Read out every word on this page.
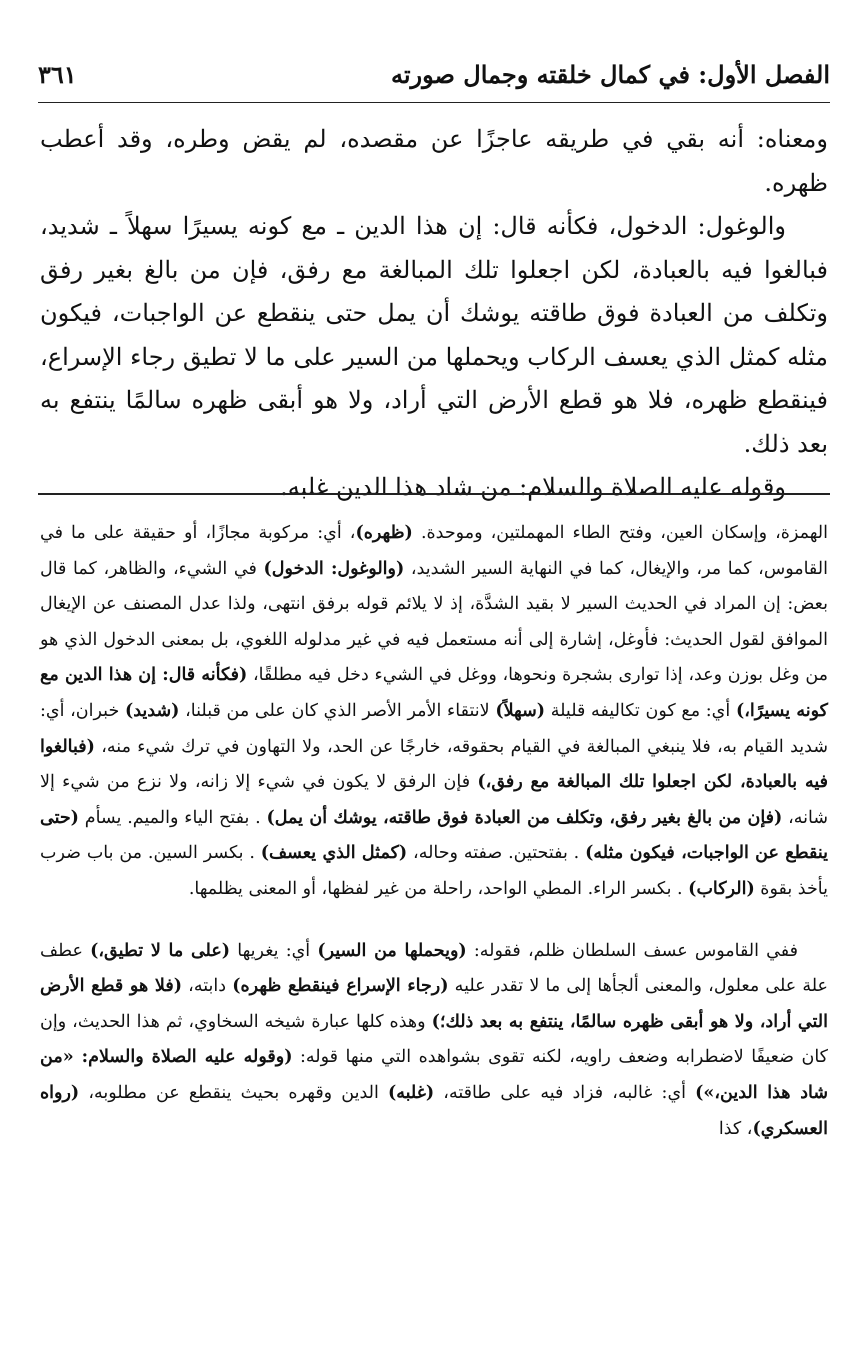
الفصل الأول: في كمال خلقته وجمال صورته
٣٦١

ومعناه: أنه بقي في طريقه عاجزًا عن مقصده، لم يقض وطره، وقد أعطب ظهره.

والوغول: الدخول، فكأنه قال: إن هذا الدين ـ مع كونه يسيرًا سهلاً ـ شديد، فبالغوا فيه بالعبادة، لكن اجعلوا تلك المبالغة مع رفق، فإن من بالغ بغير رفق وتكلف من العبادة فوق طاقته يوشك أن يمل حتى ينقطع عن الواجبات، فيكون مثله كمثل الذي يعسف الركاب ويحملها من السير على ما لا تطيق رجاء الإسراع، فينقطع ظهره، فلا هو قطع الأرض التي أراد، ولا هو أبقى ظهره سالمًا ينتفع به بعد ذلك.

وقوله عليه الصلاة والسلام: من شاد هذا الدين غلبه.

الهمزة، وإسكان العين، وفتح الطاء المهملتين، وموحدة. (ظهره)، أي: مركوبة مجازًا، أو حقيقة على ما في القاموس، كما مر، والإيغال، كما في النهاية السير الشديد، (والوغول: الدخول) في الشيء، والظاهر، كما قال بعض: إن المراد في الحديث السير لا بقيد الشدَّة، إذ لا يلائم قوله برفق انتهى، ولذا عدل المصنف عن الإيغال الموافق لقول الحديث: فأوغل، إشارة إلى أنه مستعمل فيه في غير مدلوله اللغوي، بل بمعنى الدخول الذي هو من وغل بوزن وعد، إذا توارى بشجرة ونحوها، ووغل في الشيء دخل فيه مطلقًا، (فكأنه قال: إن هذا الدين مع كونه يسيرًا،) أي: مع كون تكاليفه قليلة (سهلاً) لانتقاء الأمر الأصر الذي كان على من قبلنا، (شديد) خبران، أي: شديد القيام به، فلا ينبغي المبالغة في القيام بحقوقه، خارجًا عن الحد، ولا التهاون في ترك شيء منه، (فبالغوا فيه بالعبادة، لكن اجعلوا تلك المبالغة مع رفق،) فإن الرفق لا يكون في شيء إلا زانه، ولا نزع من شيء إلا شانه، (فإن من بالغ بغير رفق، وتكلف من العبادة فوق طاقته، يوشك أن يمل) . بفتح الياء والميم. يسأم (حتى ينقطع عن الواجبات، فيكون مثله) . بفتحتين. صفته وحاله، (كمثل الذي يعسف) . بكسر السين. من باب ضرب يأخذ بقوة (الركاب) . بكسر الراء. المطي الواحد، راحلة من غير لفظها، أو المعنى يظلمها.

ففي القاموس عسف السلطان ظلم، فقوله: (ويحملها من السير) أي: يغريها (على ما لا تطيق،) عطف علة على معلول، والمعنى ألجأها إلى ما لا تقدر عليه (رجاء الإسراع فينقطع ظهره) دابته، (فلا هو قطع الأرض التي أراد، ولا هو أبقى ظهره سالمًا، ينتفع به بعد ذلك؛) وهذه كلها عبارة شيخه السخاوي، ثم هذا الحديث، وإن كان ضعيفًا لاضطرابه وضعف راويه، لكنه تقوى بشواهده التي منها قوله: (وقوله عليه الصلاة والسلام: «من شاد هذا الدين،») أي: غالبه، فزاد فيه على طاقته، (غلبه) الدين وقهره بحيث ينقطع عن مطلوبه، (رواه العسكري)، كذا
